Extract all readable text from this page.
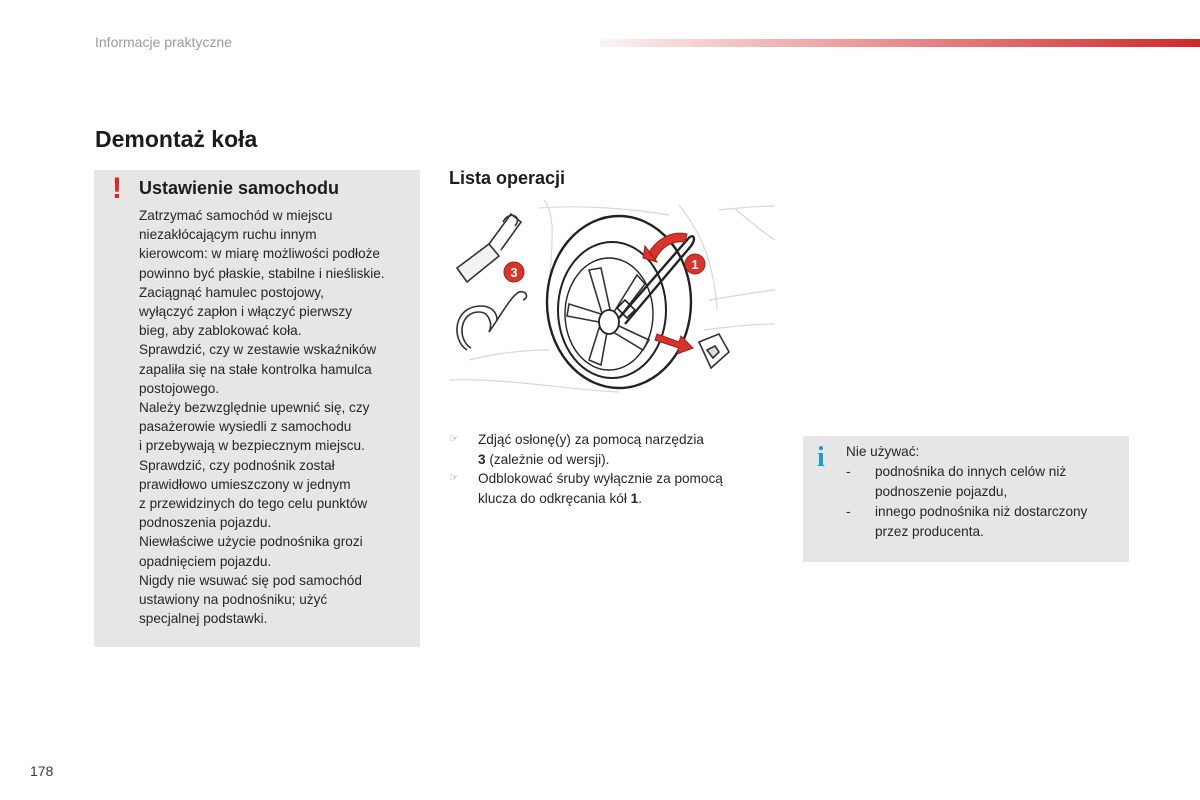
Informacje praktyczne
Demontaż koła
! Ustawienie samochodu
Zatrzymać samochód w miejscu
niezakłócającym ruchu innym
kierowcom: w miarę możliwości podłoże
powinno być płaskie, stabilne i nieśliskie.
Zaciągnąć hamulec postojowy,
wyłączyć zapłon i włączyć pierwszy
bieg, aby zablokować koła.
Sprawdzić, czy w zestawie wskaźników
zapaliła się na stałe kontrolka hamulca
postojowego.
Należy bezwzględnie upewnić się, czy
pasażerowie wysiedli z samochodu
i przebywają w bezpiecznym miejscu.
Sprawdzić, czy podnośnik został
prawidłowo umieszczony w jednym
z przewidzinych do tego celu punktów
podnoszenia pojazdu.
Niewłaściwe użycie podnośnika grozi
opadnięciem pojazdu.
Nigdy nie wsuwać się pod samochód
ustawiony na podnośniku; użyć
specjalnej podstawki.
Lista operacji
1
3
☞ Zdjąć osłonę(y) za pomocą narzędzia
3 (zależnie od wersji).
☞ Odblokować śruby wyłącznie za pomocą
klucza do odkręcania kół 1.
i Nie używać:
- podnośnika do innych celów niż
podnoszenie pojazdu,
- innego podnośnika niż dostarczony
przez producenta.
178
